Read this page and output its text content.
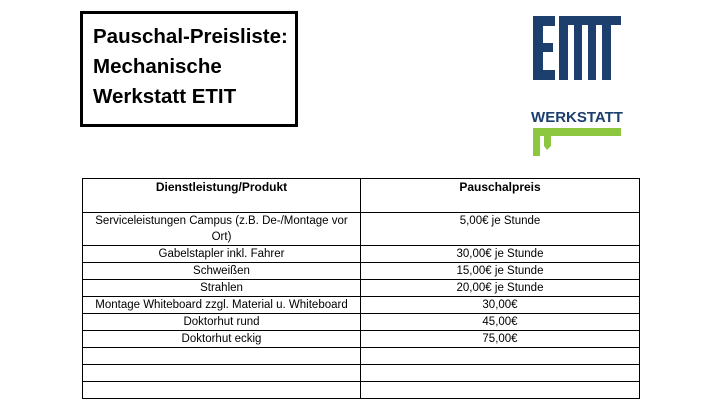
Pauschal-Preisliste:
Mechanische
Werkstatt ETIT
WERKSTATT
Dienstleistung/Produkt	Pauschalpreis
Serviceleistungen Campus (z.B. De-/Montage vor Ort)	5,00€ je Stunde
Gabelstapler inkl. Fahrer	30,00€ je Stunde
Schweißen	15,00€ je Stunde
Strahlen	20,00€ je Stunde
Montage Whiteboard zzgl. Material u. Whiteboard	30,00€
Doktorhut rund	45,00€
Doktorhut eckig	75,00€
